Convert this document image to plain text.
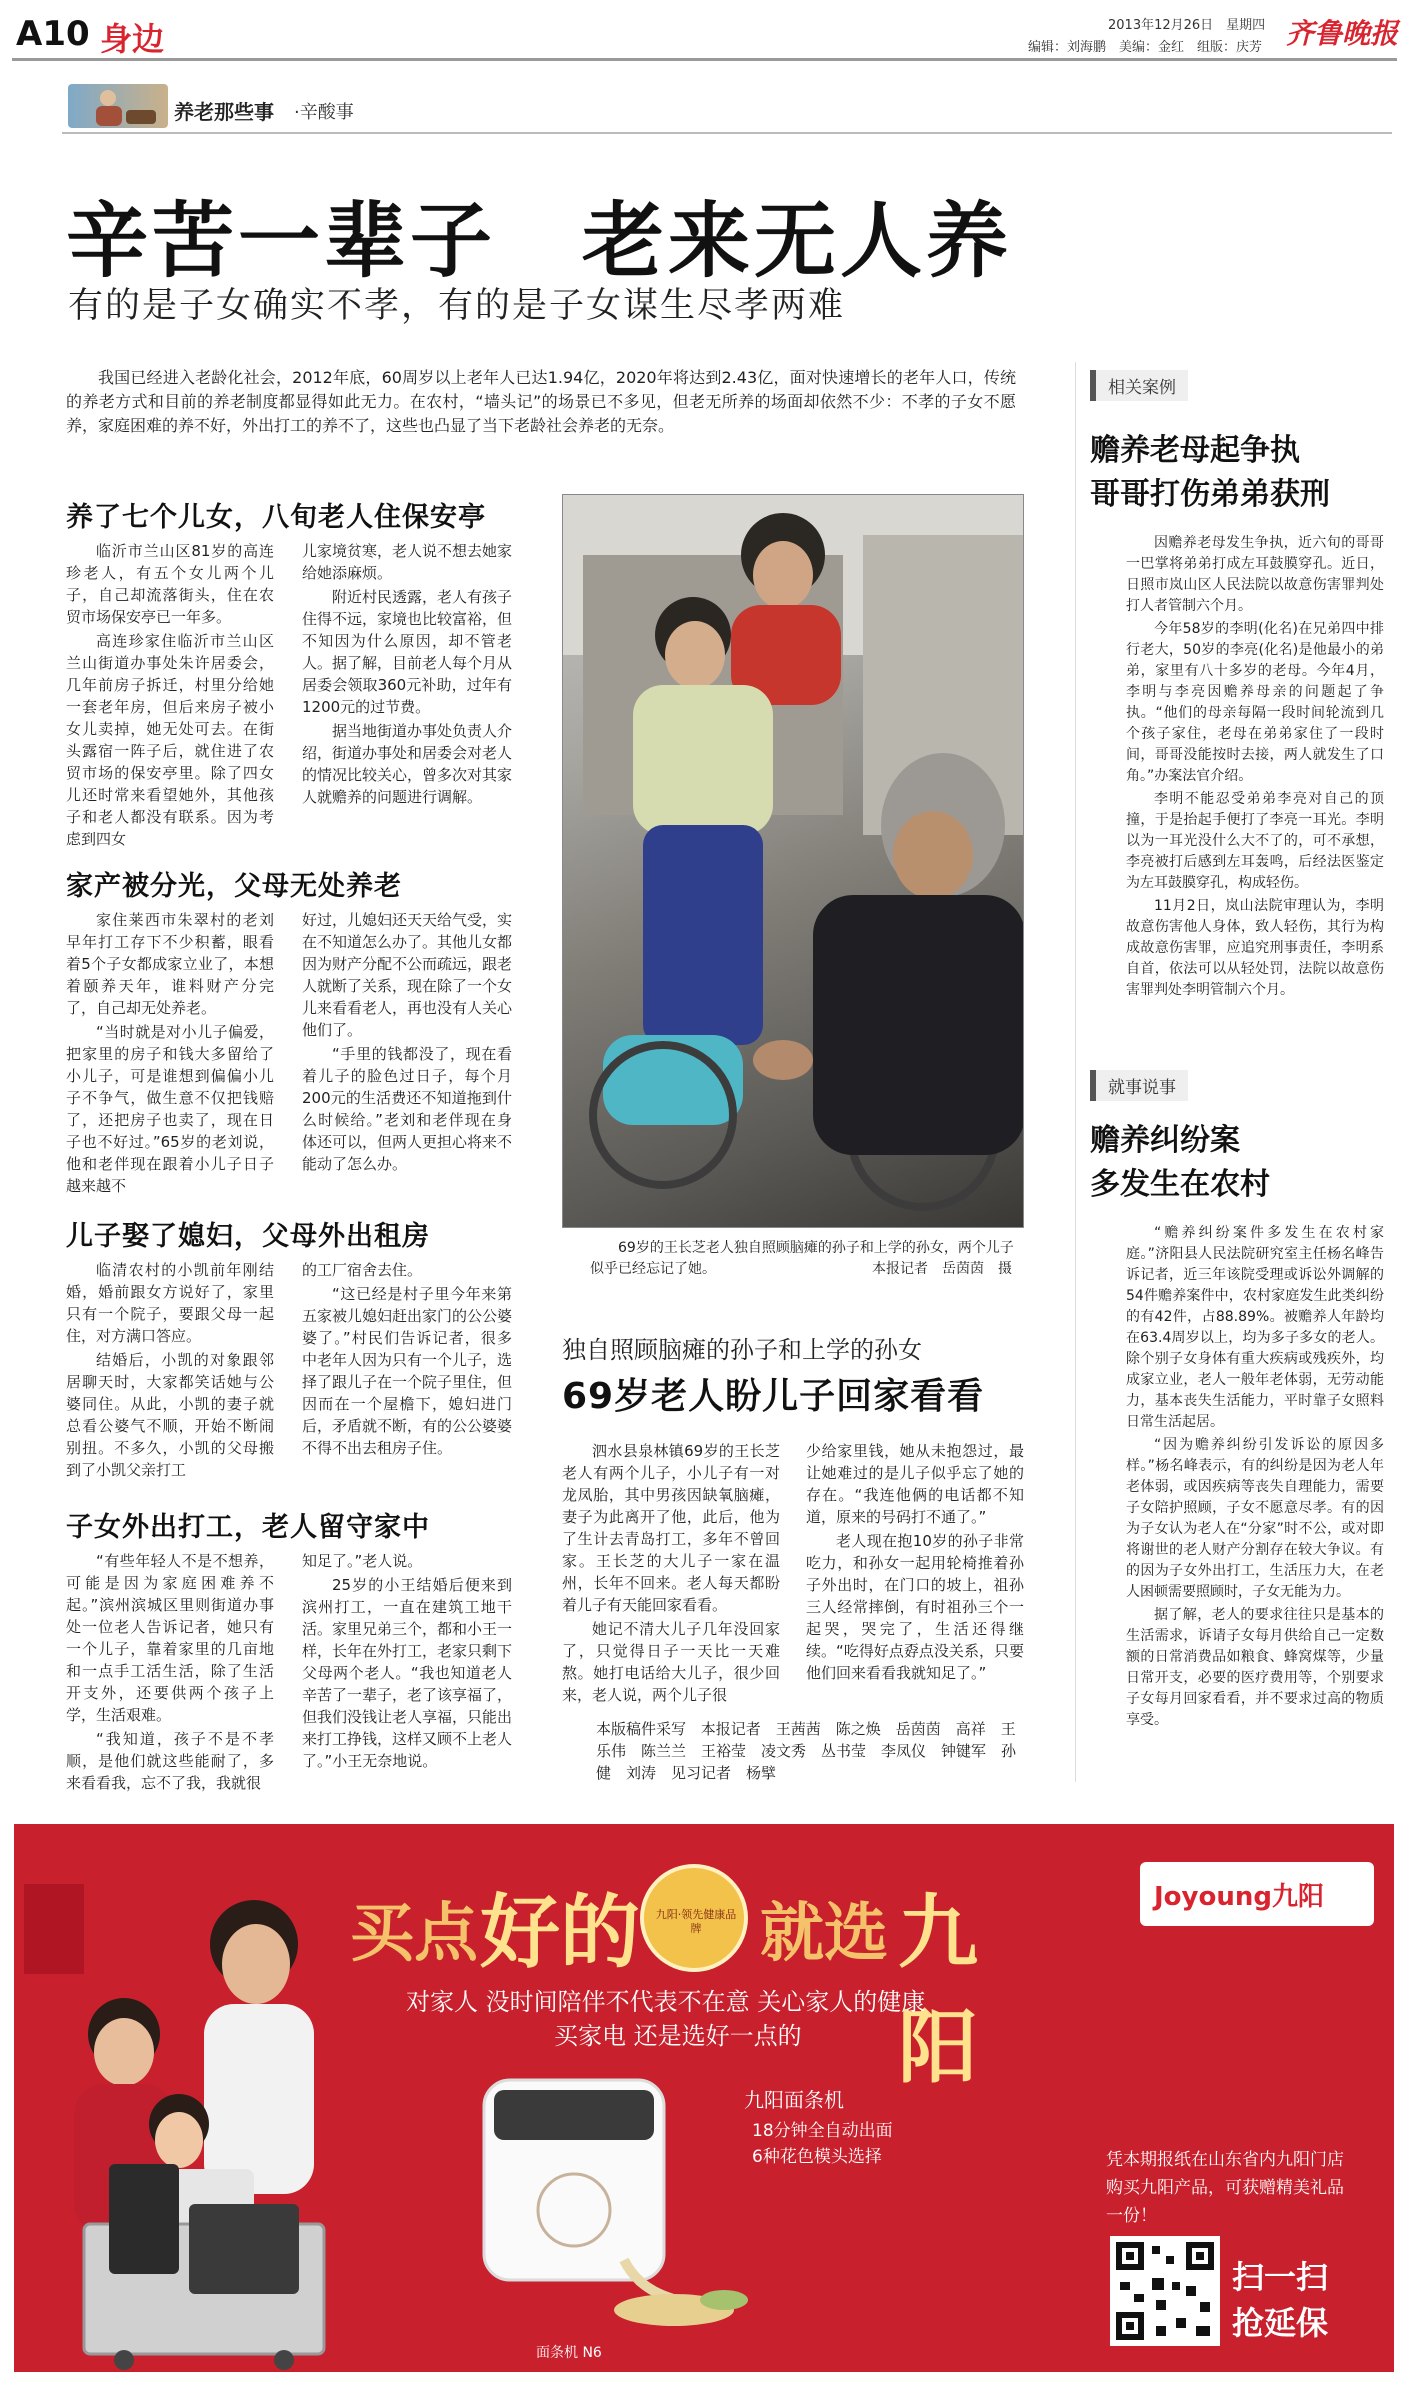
A10 身边	2013年12月26日　星期四
编辑：刘海鹏　美编：金红　组版：庆芳 齐鲁晚报
养老那些事 ·辛酸事
辛苦一辈子　老来无人养
有的是子女确实不孝，有的是子女谋生尽孝两难

我国已经进入老龄化社会，2012年底，60周岁以上老年人已达1.94亿，2020年将达到2.43亿，面对快速增长的老年人口，传统的养老方式和目前的养老制度都显得如此无力。在农村，“墙头记”的场景已不多见，但老无所养的场面却依然不少：不孝的子女不愿养，家庭困难的养不好，外出打工的养不了，这些也凸显了当下老龄社会养老的无奈。

养了七个儿女，八旬老人住保安亭

临沂市兰山区81岁的高连珍老人，有五个女儿两个儿子，自己却流落街头，住在农贸市场保安亭已一年多。

高连珍家住临沂市兰山区兰山街道办事处朱许居委会，几年前房子拆迁，村里分给她一套老年房，但后来房子被小女儿卖掉，她无处可去。在街头露宿一阵子后，就住进了农贸市场的保安亭里。除了四女儿还时常来看望她外，其他孩子和老人都没有联系。因为考虑到四女

儿家境贫寒，老人说不想去她家给她添麻烦。

附近村民透露，老人有孩子住得不远，家境也比较富裕，但不知因为什么原因，却不管老人。据了解，目前老人每个月从居委会领取360元补助，过年有1200元的过节费。

据当地街道办事处负责人介绍，街道办事处和居委会对老人的情况比较关心，曾多次对其家人就赡养的问题进行调解。

家产被分光，父母无处养老

家住莱西市朱翠村的老刘早年打工存下不少积蓄，眼看着5个子女都成家立业了，本想着颐养天年，谁料财产分完了，自己却无处养老。

“当时就是对小儿子偏爱，把家里的房子和钱大多留给了小儿子，可是谁想到偏偏小儿子不争气，做生意不仅把钱赔了，还把房子也卖了，现在日子也不好过。”65岁的老刘说，他和老伴现在跟着小儿子日子越来越不

好过，儿媳妇还天天给气受，实在不知道怎么办了。其他儿女都因为财产分配不公而疏远，跟老人就断了关系，现在除了一个女儿来看看老人，再也没有人关心他们了。

“手里的钱都没了，现在看着儿子的脸色过日子，每个月200元的生活费还不知道拖到什么时候给。”老刘和老伴现在身体还可以，但两人更担心将来不能动了怎么办。

儿子娶了媳妇，父母外出租房

临清农村的小凯前年刚结婚，婚前跟女方说好了，家里只有一个院子，要跟父母一起住，对方满口答应。

结婚后，小凯的对象跟邻居聊天时，大家都笑话她与公婆同住。从此，小凯的妻子就总看公婆气不顺，开始不断闹别扭。不多久，小凯的父母搬到了小凯父亲打工

的工厂宿舍去住。

“这已经是村子里今年来第五家被儿媳妇赶出家门的公公婆婆了。”村民们告诉记者，很多中老年人因为只有一个儿子，选择了跟儿子在一个院子里住，但因而在一个屋檐下，媳妇进门后，矛盾就不断，有的公公婆婆不得不出去租房子住。

子女外出打工，老人留守家中

“有些年轻人不是不想养，可能是因为家庭困难养不起。”滨州滨城区里则街道办事处一位老人告诉记者，她只有一个儿子，靠着家里的几亩地和一点手工活生活，除了生活开支外，还要供两个孩子上学，生活艰难。

“我知道，孩子不是不孝顺，是他们就这些能耐了，多来看看我，忘不了我，我就很

知足了。”老人说。

25岁的小王结婚后便来到滨州打工，一直在建筑工地干活。家里兄弟三个，都和小王一样，长年在外打工，老家只剩下父母两个老人。“我也知道老人辛苦了一辈子，老了该享福了，但我们没钱让老人享福，只能出来打工挣钱，这样又顾不上老人了。”小王无奈地说。

69岁的王长芝老人独自照顾脑瘫的孙子和上学的孙女，两个儿子似乎已经忘记了她。	本报记者　岳茵茵　摄

独自照顾脑瘫的孙子和上学的孙女
69岁老人盼儿子回家看看

泗水县泉林镇69岁的王长芝老人有两个儿子，小儿子有一对龙凤胎，其中男孩因缺氧脑瘫，妻子为此离开了他，此后，他为了生计去青岛打工，多年不曾回家。王长芝的大儿子一家在温州，长年不回来。老人每天都盼着儿子有天能回家看看。

她记不清大儿子几年没回家了，只觉得日子一天比一天难熬。她打电话给大儿子，很少回来，老人说，两个儿子很

少给家里钱，她从未抱怨过，最让她难过的是儿子似乎忘了她的存在。“我连他俩的电话都不知道，原来的号码打不通了。”

老人现在抱10岁的孙子非常吃力，和孙女一起用轮椅推着孙子外出时，在门口的坡上，祖孙三人经常摔倒，有时祖孙三个一起哭，哭完了，生活还得继续。“吃得好点孬点没关系，只要他们回来看看我就知足了。”

本版稿件采写 本报记者　王茜茜　陈之焕　岳茵茵　高祥　王乐伟　陈兰兰　王裕莹　凌文秀　丛书莹　李凤仪　钟键军　孙健　刘涛　见习记者　杨擘
相关案例
赡养老母起争执
哥哥打伤弟弟获刑

因赡养老母发生争执，近六旬的哥哥一巴掌将弟弟打成左耳鼓膜穿孔。近日，日照市岚山区人民法院以故意伤害罪判处打人者管制六个月。

今年58岁的李明(化名)在兄弟四中排行老大，50岁的李亮(化名)是他最小的弟弟，家里有八十多岁的老母。今年4月，李明与李亮因赡养母亲的问题起了争执。“他们的母亲每隔一段时间轮流到几个孩子家住，老母在弟弟家住了一段时间，哥哥没能按时去接，两人就发生了口角。”办案法官介绍。

李明不能忍受弟弟李亮对自己的顶撞，于是抬起手便打了李亮一耳光。李明以为一耳光没什么大不了的，可不承想，李亮被打后感到左耳轰鸣，后经法医鉴定为左耳鼓膜穿孔，构成轻伤。

11月2日，岚山法院审理认为，李明故意伤害他人身体，致人轻伤，其行为构成故意伤害罪，应追究刑事责任，李明系自首，依法可以从轻处罚，法院以故意伤害罪判处李明管制六个月。

就事说事
赡养纠纷案
多发生在农村

“赡养纠纷案件多发生在农村家庭。”济阳县人民法院研究室主任杨名峰告诉记者，近三年该院受理或诉讼外调解的54件赡养案件中，农村家庭发生此类纠纷的有42件，占88.89%。被赡养人年龄均在63.4周岁以上，均为多子多女的老人。除个别子女身体有重大疾病或残疾外，均成家立业，老人一般年老体弱，无劳动能力，基本丧失生活能力，平时靠子女照料日常生活起居。

“因为赡养纠纷引发诉讼的原因多样。”杨名峰表示，有的纠纷是因为老人年老体弱，或因疾病等丧失自理能力，需要子女陪护照顾，子女不愿意尽孝。有的因为子女认为老人在“分家”时不公，或对即将谢世的老人财产分割存在较大争议。有的因为子女外出打工，生活压力大，在老人困顿需要照顾时，子女无能为力。

据了解，老人的要求往往只是基本的生活需求，诉请子女每月供给自己一定数额的日常消费品如粮食、蜂窝煤等，少量日常开支，必要的医疗费用等，个别要求子女每月回家看看，并不要求过高的物质享受。

买点 好的 九阳·领先健康品牌 就选 九阳
对家人 没时间陪伴不代表不在意 关心家人的健康
买家电 还是选好一点的
九阳面条机
18分钟全自动出面
6种花色模头选择
面条机 N6
Joyoung九阳
凭本期报纸在山东省内九阳门店购买九阳产品，可获赠精美礼品一份！
扫一扫
抢延保
